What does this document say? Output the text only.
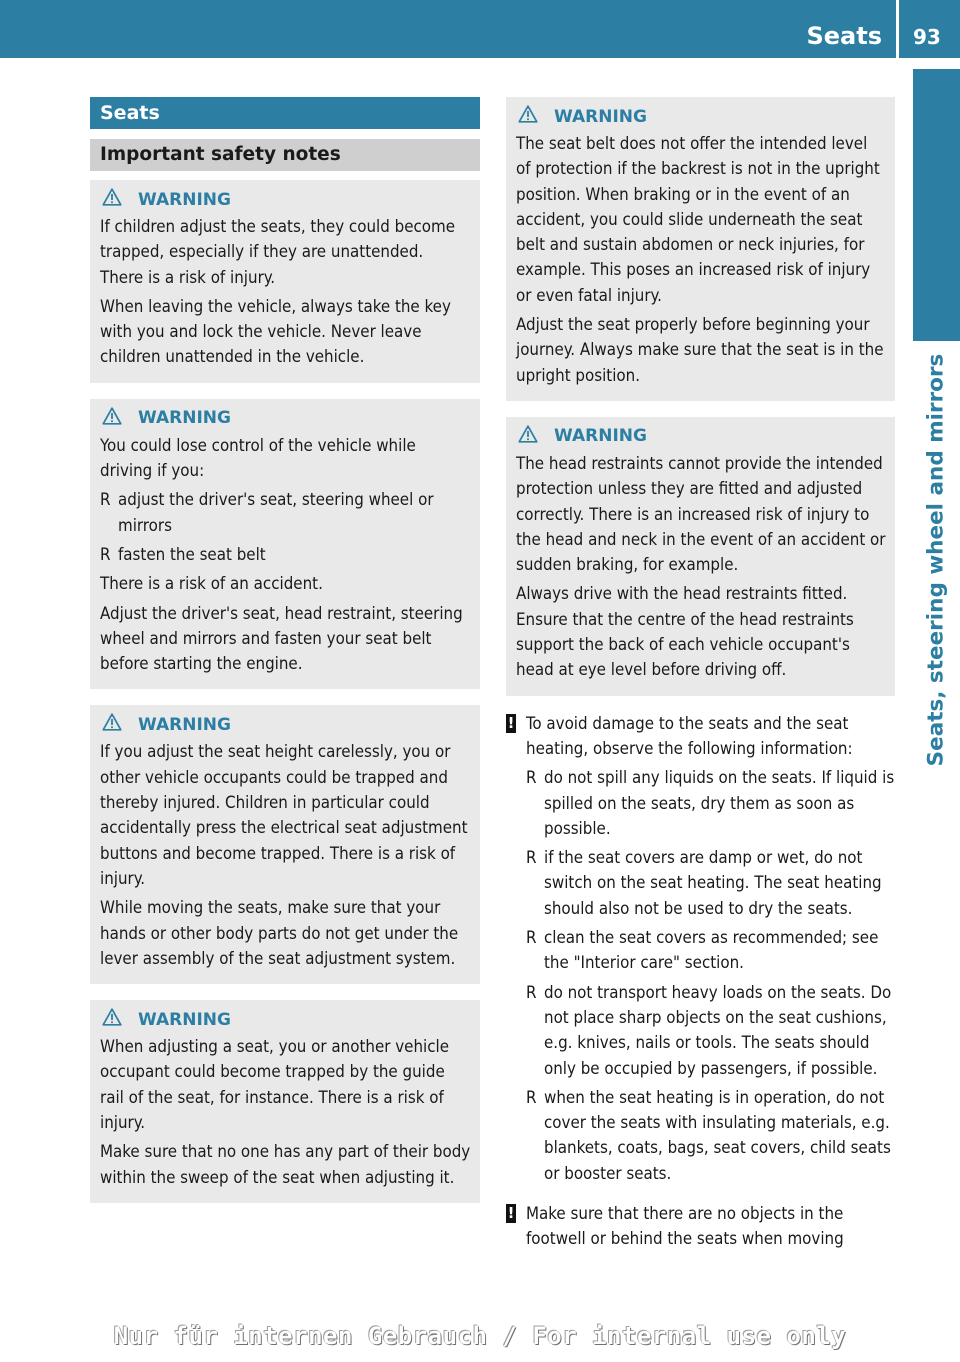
Seats 93
Seats, steering wheel and mirrors
Seats
Important safety notes
WARNING

If children adjust the seats, they could become trapped, especially if they are unattended. There is a risk of injury.

When leaving the vehicle, always take the key with you and lock the vehicle. Never leave children unattended in the vehicle.

WARNING

You could lose control of the vehicle while driving if you:

R adjust the driver's seat, steering wheel or mirrors
R fasten the seat belt

There is a risk of an accident.

Adjust the driver's seat, head restraint, steering wheel and mirrors and fasten your seat belt before starting the engine.

WARNING

If you adjust the seat height carelessly, you or other vehicle occupants could be trapped and thereby injured. Children in particular could accidentally press the electrical seat adjustment buttons and become trapped. There is a risk of injury.

While moving the seats, make sure that your hands or other body parts do not get under the lever assembly of the seat adjustment system.

WARNING

When adjusting a seat, you or another vehicle occupant could become trapped by the guide rail of the seat, for instance. There is a risk of injury.

Make sure that no one has any part of their body within the sweep of the seat when adjusting it.

WARNING

The seat belt does not offer the intended level of protection if the backrest is not in the upright position. When braking or in the event of an accident, you could slide underneath the seat belt and sustain abdomen or neck injuries, for example. This poses an increased risk of injury or even fatal injury.

Adjust the seat properly before beginning your journey. Always make sure that the seat is in the upright position.

WARNING

The head restraints cannot provide the intended protection unless they are fitted and adjusted correctly. There is an increased risk of injury to the head and neck in the event of an accident or sudden braking, for example.

Always drive with the head restraints fitted. Ensure that the centre of the head restraints support the back of each vehicle occupant's head at eye level before driving off.

! To avoid damage to the seats and the seat heating, observe the following information:
R do not spill any liquids on the seats. If liquid is spilled on the seats, dry them as soon as possible.
R if the seat covers are damp or wet, do not switch on the seat heating. The seat heating should also not be used to dry the seats.
R clean the seat covers as recommended; see the "Interior care" section.
R do not transport heavy loads on the seats. Do not place sharp objects on the seat cushions, e.g. knives, nails or tools. The seats should only be occupied by passengers, if possible.
R when the seat heating is in operation, do not cover the seats with insulating materials, e.g. blankets, coats, bags, seat covers, child seats or booster seats.
! Make sure that there are no objects in the footwell or behind the seats when moving
Nur für internen Gebrauch / For internal use only
